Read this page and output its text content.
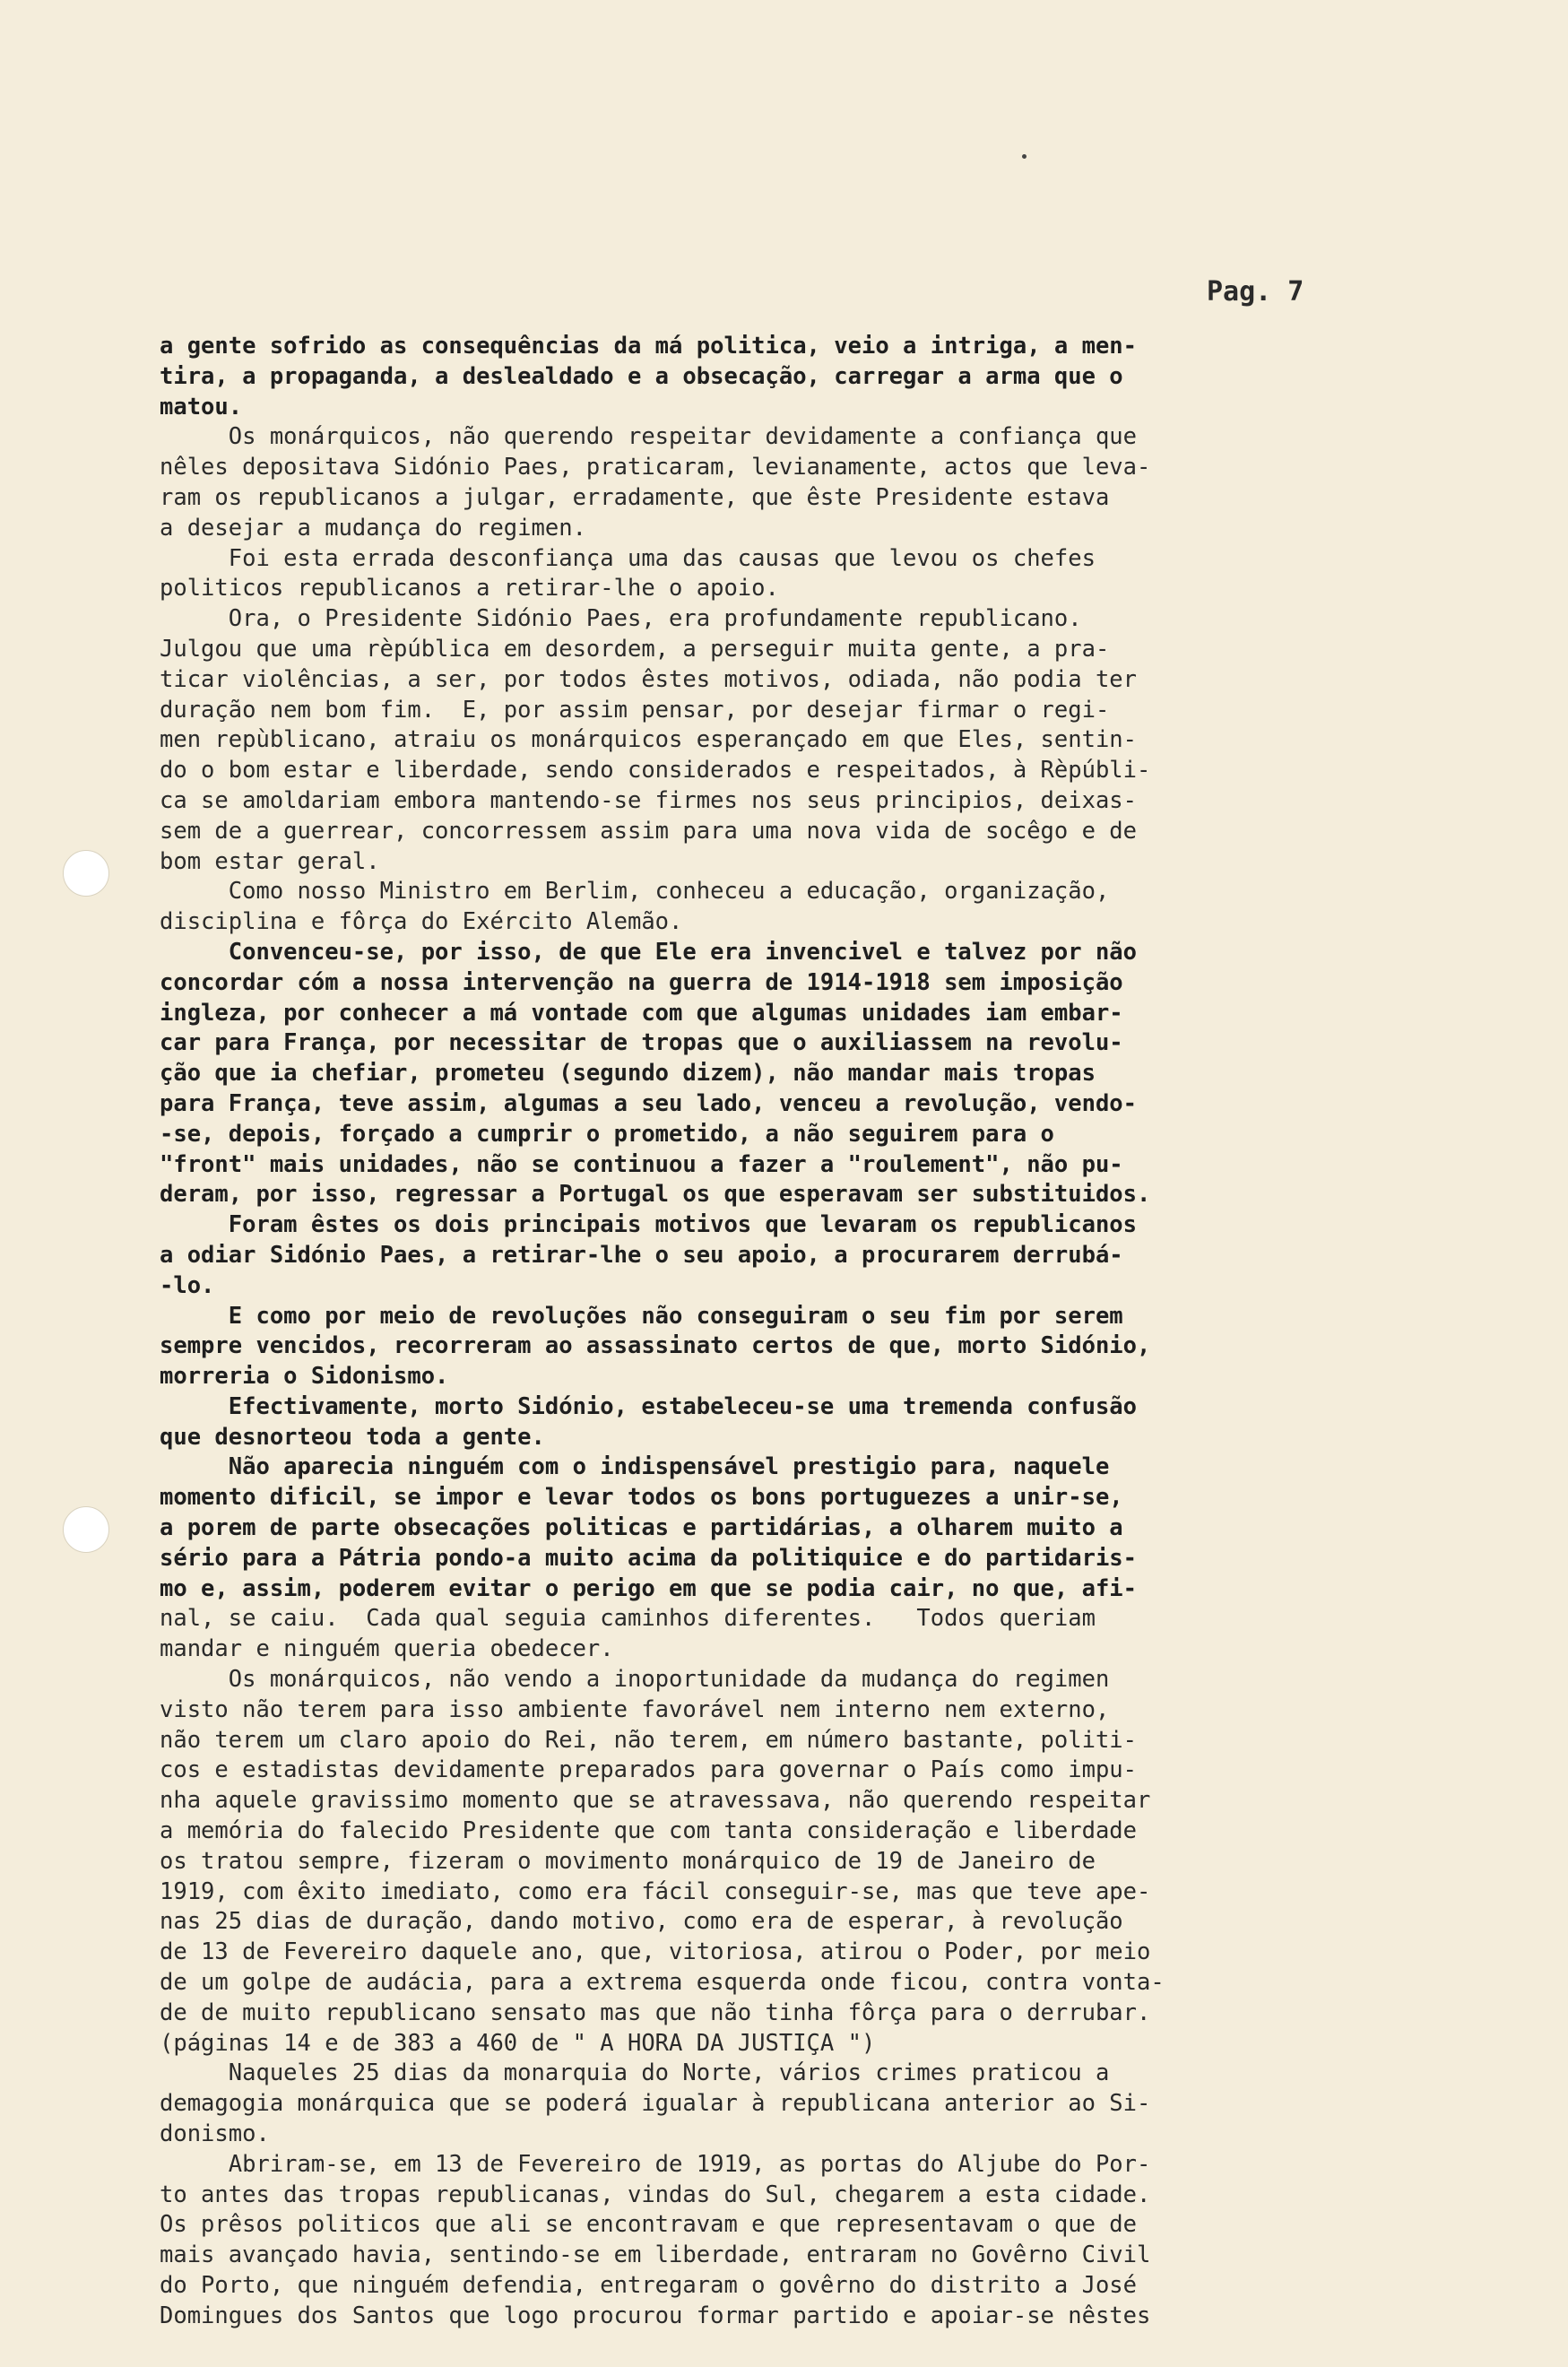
Pag. 7
a gente sofrido as consequências da má politica, veio a intriga, a men-
tira, a propaganda, a deslealdado e a obsecação, carregar a arma que o
matou.
Os monárquicos, não querendo respeitar devidamente a confiança que
nêles depositava Sidónio Paes, praticaram, levianamente, actos que leva-
ram os republicanos a julgar, erradamente, que êste Presidente estava
a desejar a mudança do regimen.
Foi esta errada desconfiança uma das causas que levou os chefes
politicos republicanos a retirar-lhe o apoio.
Ora, o Presidente Sidónio Paes, era profundamente republicano.
Julgou que uma rèpública em desordem, a perseguir muita gente, a pra-
ticar violências, a ser, por todos êstes motivos, odiada, não podia ter
duração nem bom fim.  E, por assim pensar, por desejar firmar o regi-
men repùblicano, atraiu os monárquicos esperançado em que Eles, sentin-
do o bom estar e liberdade, sendo considerados e respeitados, à Rèpúbli-
ca se amoldariam embora mantendo-se firmes nos seus principios, deixas-
sem de a guerrear, concorressem assim para uma nova vida de socêgo e de
bom estar geral.
Como nosso Ministro em Berlim, conheceu a educação, organização,
disciplina e fôrça do Exército Alemão.
Convenceu-se, por isso, de que Ele era invencivel e talvez por não
concordar cóm a nossa intervenção na guerra de 1914-1918 sem imposição
ingleza, por conhecer a má vontade com que algumas unidades iam embar-
car para França, por necessitar de tropas que o auxiliassem na revolu-
ção que ia chefiar, prometeu (segundo dizem), não mandar mais tropas
para França, teve assim, algumas a seu lado, venceu a revolução, vendo-
-se, depois, forçado a cumprir o prometido, a não seguirem para o
"front" mais unidades, não se continuou a fazer a "roulement", não pu-
deram, por isso, regressar a Portugal os que esperavam ser substituidos.
Foram êstes os dois principais motivos que levaram os republicanos
a odiar Sidónio Paes, a retirar-lhe o seu apoio, a procurarem derrubá-
-lo.
E como por meio de revoluções não conseguiram o seu fim por serem
sempre vencidos, recorreram ao assassinato certos de que, morto Sidónio,
morreria o Sidonismo.
Efectivamente, morto Sidónio, estabeleceu-se uma tremenda confusão
que desnorteou toda a gente.
Não aparecia ninguém com o indispensável prestigio para, naquele
momento dificil, se impor e levar todos os bons portuguezes a unir-se,
a porem de parte obsecações politicas e partidárias, a olharem muito a
sério para a Pátria pondo-a muito acima da politiquice e do partidaris-
mo e, assim, poderem evitar o perigo em que se podia cair, no que, afi-
nal, se caiu.  Cada qual seguia caminhos diferentes.   Todos queriam
mandar e ninguém queria obedecer.
Os monárquicos, não vendo a inoportunidade da mudança do regimen
visto não terem para isso ambiente favorável nem interno nem externo,
não terem um claro apoio do Rei, não terem, em número bastante, politi-
cos e estadistas devidamente preparados para governar o País como impu-
nha aquele gravissimo momento que se atravessava, não querendo respeitar
a memória do falecido Presidente que com tanta consideração e liberdade
os tratou sempre, fizeram o movimento monárquico de 19 de Janeiro de
1919, com êxito imediato, como era fácil conseguir-se, mas que teve ape-
nas 25 dias de duração, dando motivo, como era de esperar, à revolução
de 13 de Fevereiro daquele ano, que, vitoriosa, atirou o Poder, por meio
de um golpe de audácia, para a extrema esquerda onde ficou, contra vonta-
de de muito republicano sensato mas que não tinha fôrça para o derrubar.
(páginas 14 e de 383 a 460 de " A HORA DA JUSTIÇA ")
Naqueles 25 dias da monarquia do Norte, vários crimes praticou a
demagogia monárquica que se poderá igualar à republicana anterior ao Si-
donismo.
Abriram-se, em 13 de Fevereiro de 1919, as portas do Aljube do Por-
to antes das tropas republicanas, vindas do Sul, chegarem a esta cidade.
Os prêsos politicos que ali se encontravam e que representavam o que de
mais avançado havia, sentindo-se em liberdade, entraram no Govêrno Civil
do Porto, que ninguém defendia, entregaram o govêrno do distrito a José
Domingues dos Santos que logo procurou formar partido e apoiar-se nêstes
